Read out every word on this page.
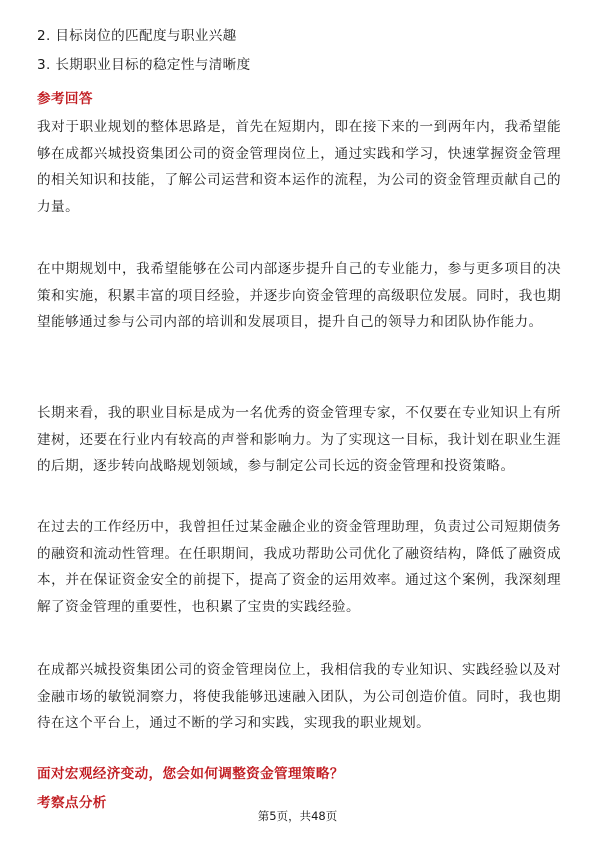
2. 目标岗位的匹配度与职业兴趣
3. 长期职业目标的稳定性与清晰度
参考回答
我对于职业规划的整体思路是，首先在短期内，即在接下来的一到两年内，我希望能够在成都兴城投资集团公司的资金管理岗位上，通过实践和学习，快速掌握资金管理的相关知识和技能，了解公司运营和资本运作的流程，为公司的资金管理贡献自己的力量。
在中期规划中，我希望能够在公司内部逐步提升自己的专业能力，参与更多项目的决策和实施，积累丰富的项目经验，并逐步向资金管理的高级职位发展。同时，我也期望能够通过参与公司内部的培训和发展项目，提升自己的领导力和团队协作能力。
长期来看，我的职业目标是成为一名优秀的资金管理专家，不仅要在专业知识上有所建树，还要在行业内有较高的声誉和影响力。为了实现这一目标，我计划在职业生涯的后期，逐步转向战略规划领域，参与制定公司长远的资金管理和投资策略。
在过去的工作经历中，我曾担任过某金融企业的资金管理助理，负责过公司短期债务的融资和流动性管理。在任职期间，我成功帮助公司优化了融资结构，降低了融资成本，并在保证资金安全的前提下，提高了资金的运用效率。通过这个案例，我深刻理解了资金管理的重要性，也积累了宝贵的实践经验。
在成都兴城投资集团公司的资金管理岗位上，我相信我的专业知识、实践经验以及对金融市场的敏锐洞察力，将使我能够迅速融入团队，为公司创造价值。同时，我也期待在这个平台上，通过不断的学习和实践，实现我的职业规划。
面对宏观经济变动，您会如何调整资金管理策略？
考察点分析
第5页，共48页
